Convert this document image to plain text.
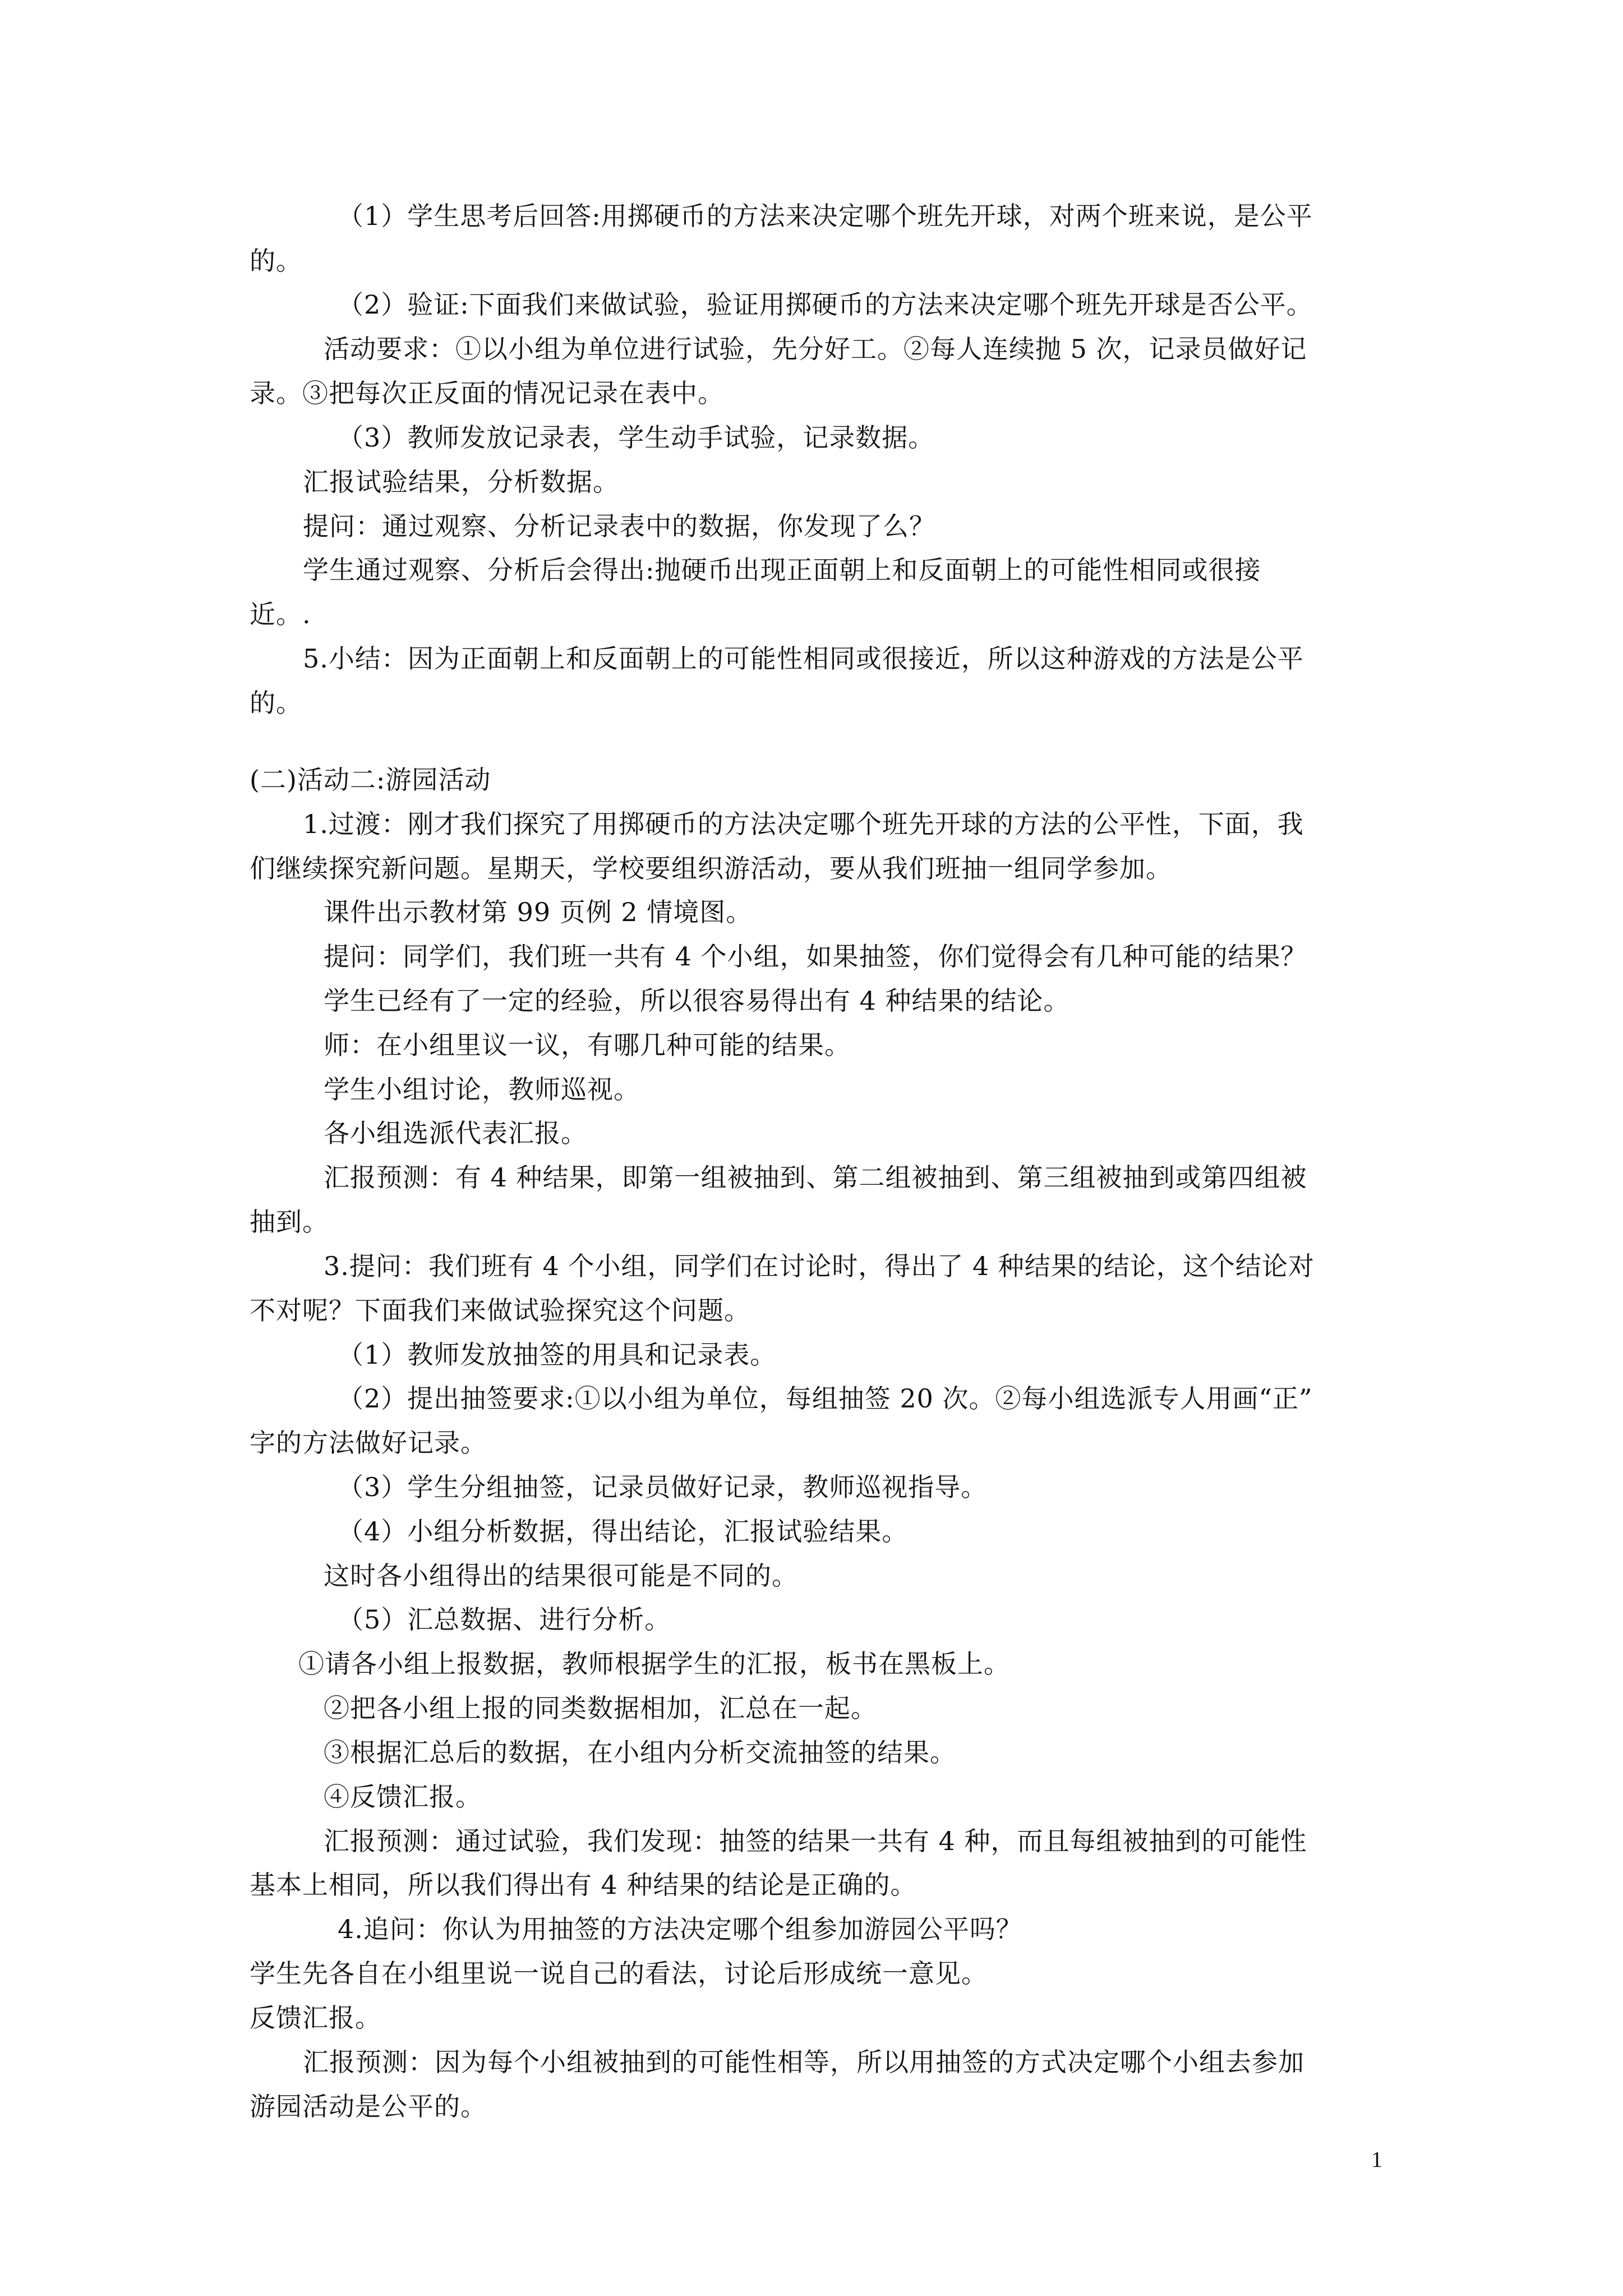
（1）学生思考后回答:用掷硬币的方法来决定哪个班先开球，对两个班来说，是公平
的。
（2）验证:下面我们来做试验，验证用掷硬币的方法来决定哪个班先开球是否公平。
活动要求：①以小组为单位进行试验，先分好工。②每人连续抛 5 次，记录员做好记
录。③把每次正反面的情况记录在表中。
（3）教师发放记录表，学生动手试验，记录数据。
汇报试验结果，分析数据。
提问：通过观察、分析记录表中的数据，你发现了么？
学生通过观察、分析后会得出:抛硬币出现正面朝上和反面朝上的可能性相同或很接
近。.
5.小结：因为正面朝上和反面朝上的可能性相同或很接近，所以这种游戏的方法是公平
的。
(二)活动二:游园活动
1.过渡：刚才我们探究了用掷硬币的方法决定哪个班先开球的方法的公平性，下面，我
们继续探究新问题。星期天，学校要组织游活动，要从我们班抽一组同学参加。
课件出示教材第 99 页例 2 情境图。
提问：同学们，我们班一共有 4 个小组，如果抽签，你们觉得会有几种可能的结果？
学生已经有了一定的经验，所以很容易得出有 4 种结果的结论。
师：在小组里议一议，有哪几种可能的结果。
学生小组讨论，教师巡视。
各小组选派代表汇报。
汇报预测：有 4 种结果，即第一组被抽到、第二组被抽到、第三组被抽到或第四组被
抽到。
3.提问：我们班有 4 个小组，同学们在讨论时，得出了 4 种结果的结论，这个结论对
不对呢？下面我们来做试验探究这个问题。
（1）教师发放抽签的用具和记录表。
（2）提出抽签要求:①以小组为单位，每组抽签 20 次。②每小组选派专人用画“正”
字的方法做好记录。
（3）学生分组抽签，记录员做好记录，教师巡视指导。
（4）小组分析数据，得出结论，汇报试验结果。
这时各小组得出的结果很可能是不同的。
（5）汇总数据、进行分析。
①请各小组上报数据，教师根据学生的汇报，板书在黑板上。
②把各小组上报的同类数据相加，汇总在一起。
③根据汇总后的数据，在小组内分析交流抽签的结果。
④反馈汇报。
汇报预测：通过试验，我们发现：抽签的结果一共有 4 种，而且每组被抽到的可能性
基本上相同，所以我们得出有 4 种结果的结论是正确的。
4.追问：你认为用抽签的方法决定哪个组参加游园公平吗？
学生先各自在小组里说一说自己的看法，讨论后形成统一意见。
反馈汇报。
汇报预测：因为每个小组被抽到的可能性相等，所以用抽签的方式决定哪个小组去参加
游园活动是公平的。
1
